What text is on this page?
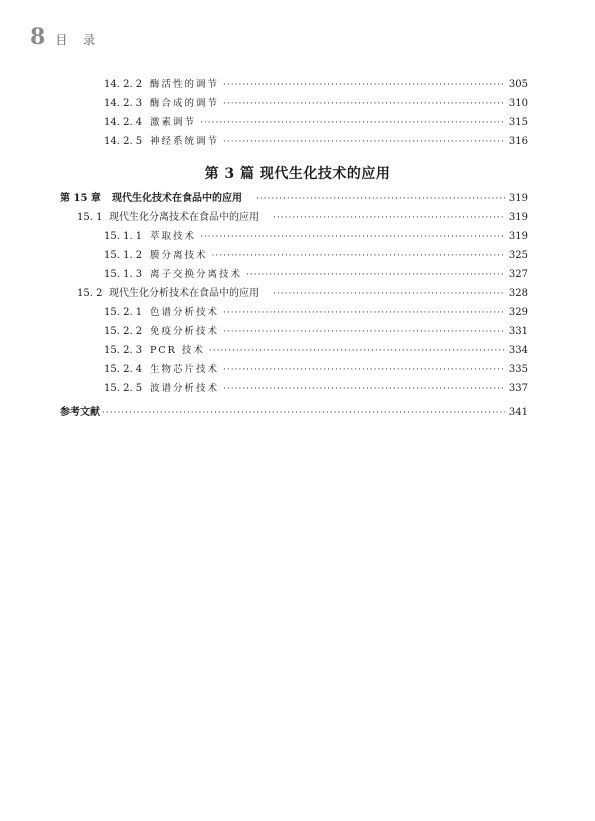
8 目 录
14. 2. 2 酶活性的调节 ·····	305
14. 2. 3 酶合成的调节 ·····	310
14. 2. 4 激素调节 ·····	315
14. 2. 5 神经系统调节 ·····	316
第 3 篇 现代生化技术的应用
第 15 章 现代生化技术在食品中的应用 ·····	319
15. 1 现代生化分离技术在食品中的应用 ·····	319
15. 1. 1 萃取技术 ·····	319
15. 1. 2 膜分离技术 ·····	325
15. 1. 3 离子交换分离技术 ·····	327
15. 2 现代生化分析技术在食品中的应用 ·····	328
15. 2. 1 色谱分析技术 ·····	329
15. 2. 2 免疫分析技术 ·····	331
15. 2. 3 PCR 技术 ·····	334
15. 2. 4 生物芯片技术 ·····	335
15. 2. 5 波谱分析技术 ·····	337
参考文献 ·····	341
